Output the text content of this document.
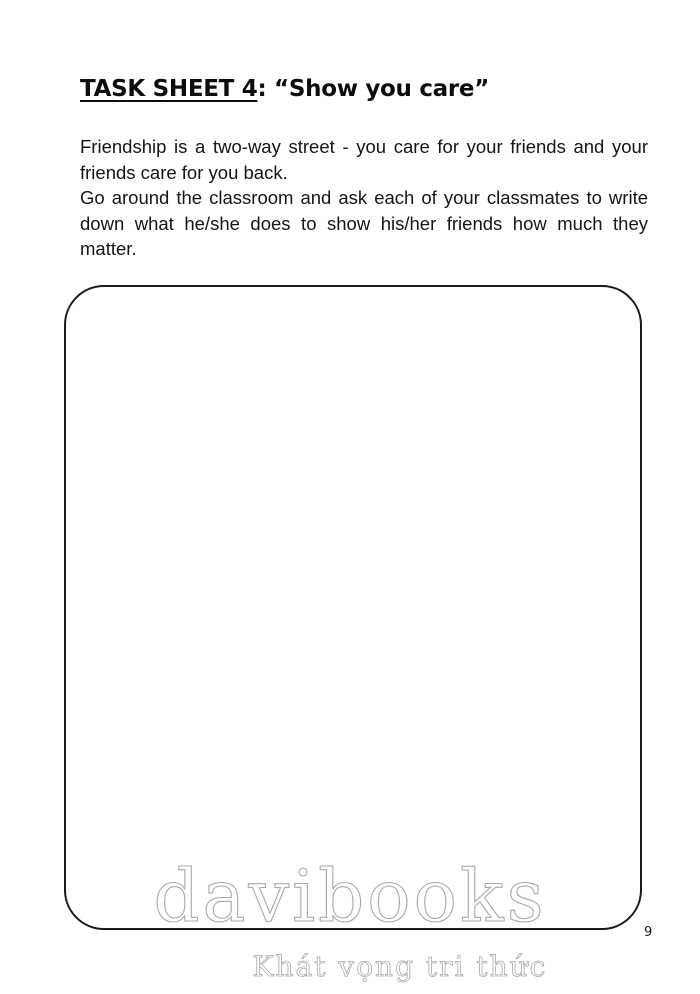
TASK SHEET 4: “Show you care”

Friendship is a two-way street - you care for your friends and your friends care for you back.

Go around the classroom and ask each of your classmates to write down what he/she does to show his/her friends how much they matter.

davibooks
Khát vọng tri thức
9
